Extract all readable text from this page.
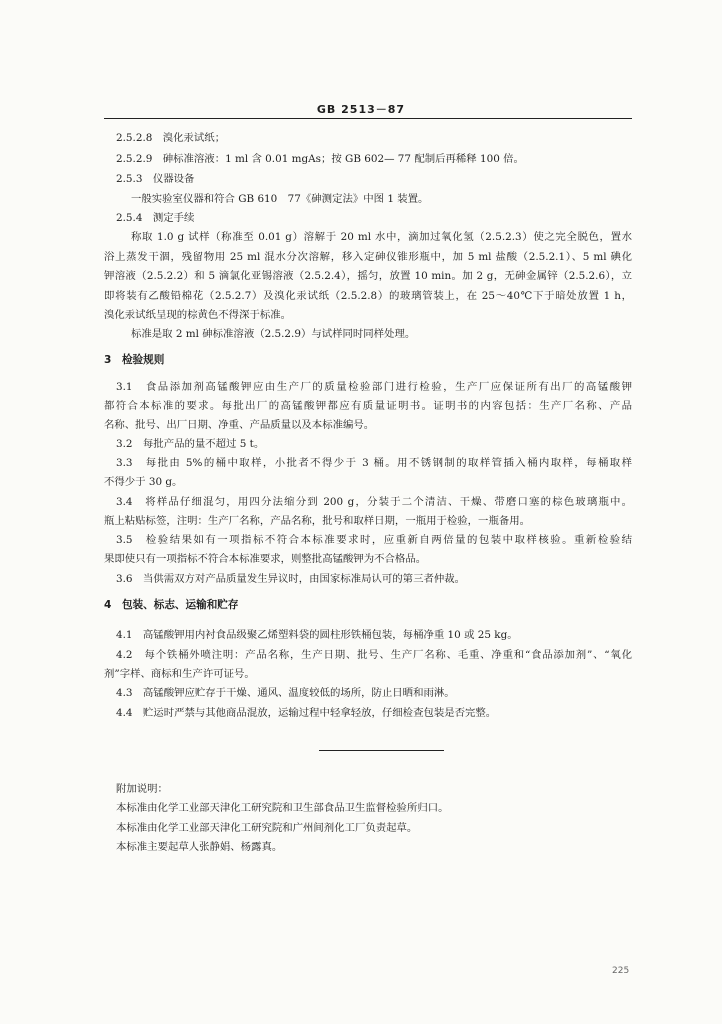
GB 2513－87
2.5.2.8　溴化汞试纸；
2.5.2.9　砷标准溶液：1 ml 含 0.01 mgAs；按 GB 602— 77 配制后再稀释 100 倍。
2.5.3　仪器设备
一般实验室仪器和符合 GB 610　77《砷测定法》中图 1 装置。
2.5.4　测定手续
称取 1.0 g 试样（称准至 0.01 g）溶解于 20 ml 水中，滴加过氧化氢（2.5.2.3）使之完全脱色，置水
浴上蒸发干涸，残留物用 25 ml 混水分次溶解，移入定砷仪锥形瓶中，加 5 ml 盐酸（2.5.2.1）、5 ml 碘化
钾溶液（2.5.2.2）和 5 滴氯化亚锡溶液（2.5.2.4），摇匀，放置 10 min。加 2 g，无砷金属锌（2.5.2.6），立
即将装有乙酸铅棉花（2.5.2.7）及溴化汞试纸（2.5.2.8）的玻璃管装上，在 25～40℃下于暗处放置 1 h，
溴化汞试纸呈现的棕黄色不得深于标准。
标准是取 2 ml 砷标准溶液（2.5.2.9）与试样同时同样处理。
3　检验规则
3.1　食品添加剂高锰酸钾应由生产厂的质量检验部门进行检验，生产厂应保证所有出厂的高锰酸钾
都符合本标准的要求。每批出厂的高锰酸钾都应有质量证明书。证明书的内容包括：生产厂名称、产品
名称、批号、出厂日期、净重、产品质量以及本标准编号。
3.2　每批产品的量不超过 5 t。
3.3　每批由 5%的桶中取样，小批者不得少于 3 桶。用不锈钢制的取样管插入桶内取样，每桶取样
不得少于 30 g。
3.4　将样品仔细混匀，用四分法缩分到 200 g，分装于二个清洁、干燥、带磨口塞的棕色玻璃瓶中。
瓶上粘贴标签，注明：生产厂名称，产品名称，批号和取样日期，一瓶用于检验，一瓶备用。
3.5　检验结果如有一项指标不符合本标准要求时，应重新自两倍量的包装中取样核验。重新检验结
果即使只有一项指标不符合本标准要求，则整批高锰酸钾为不合格品。
3.6　当供需双方对产品质量发生异议时，由国家标准局认可的第三者仲裁。
4　包装、标志、运输和贮存
4.1　高锰酸钾用内衬食品级聚乙烯塑料袋的圆柱形铁桶包装，每桶净重 10 或 25 kg。
4.2　每个铁桶外喷注明：产品名称，生产日期、批号、生产厂名称、毛重、净重和“食品添加剂”、“氧化
剂”字样、商标和生产许可证号。
4.3　高锰酸钾应贮存于干燥、通风、温度较低的场所，防止日晒和雨淋。
4.4　贮运时严禁与其他商品混放，运输过程中轻拿轻放，仔细检查包装是否完整。
附加说明：
本标准由化学工业部天津化工研究院和卫生部食品卫生监督检验所归口。
本标准由化学工业部天津化工研究院和广州间剂化工厂负责起草。
本标准主要起草人张静娟、杨露真。
225
